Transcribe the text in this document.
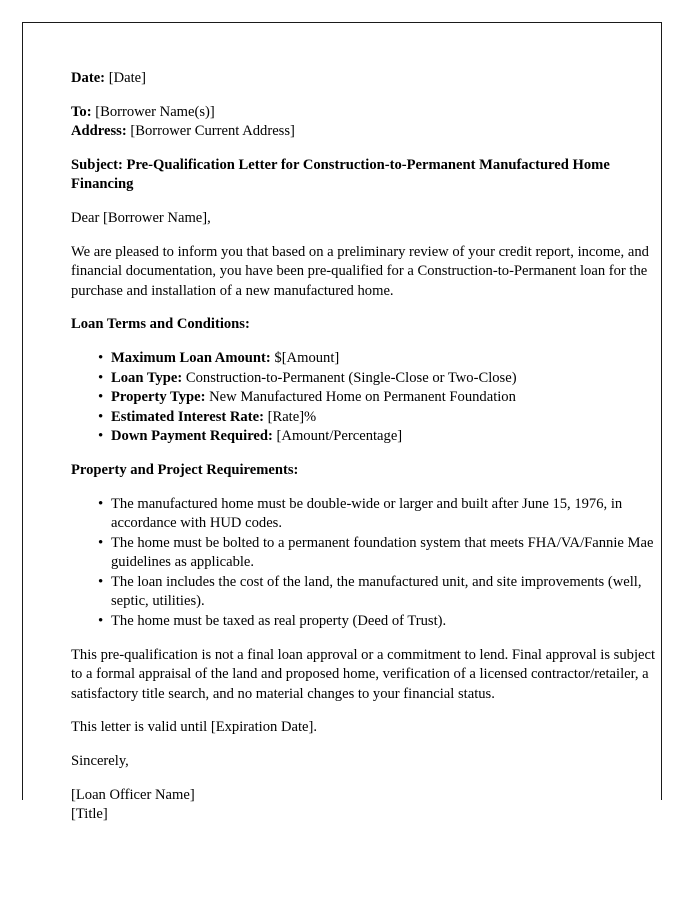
Date: [Date]
To: [Borrower Name(s)]
Address: [Borrower Current Address]
Subject: Pre-Qualification Letter for Construction-to-Permanent Manufactured Home Financing
Dear [Borrower Name],
We are pleased to inform you that based on a preliminary review of your credit report, income, and financial documentation, you have been pre-qualified for a Construction-to-Permanent loan for the purchase and installation of a new manufactured home.
Loan Terms and Conditions:
• Maximum Loan Amount: $[Amount]
• Loan Type: Construction-to-Permanent (Single-Close or Two-Close)
• Property Type: New Manufactured Home on Permanent Foundation
• Estimated Interest Rate: [Rate]%
• Down Payment Required: [Amount/Percentage]
Property and Project Requirements:
• The manufactured home must be double-wide or larger and built after June 15, 1976, in accordance with HUD codes.
• The home must be bolted to a permanent foundation system that meets FHA/VA/Fannie Mae guidelines as applicable.
• The loan includes the cost of the land, the manufactured unit, and site improvements (well, septic, utilities).
• The home must be taxed as real property (Deed of Trust).
This pre-qualification is not a final loan approval or a commitment to lend. Final approval is subject to a formal appraisal of the land and proposed home, verification of a licensed contractor/retailer, a satisfactory title search, and no material changes to your financial status.
This letter is valid until [Expiration Date].
Sincerely,
[Loan Officer Name]
[Title]
